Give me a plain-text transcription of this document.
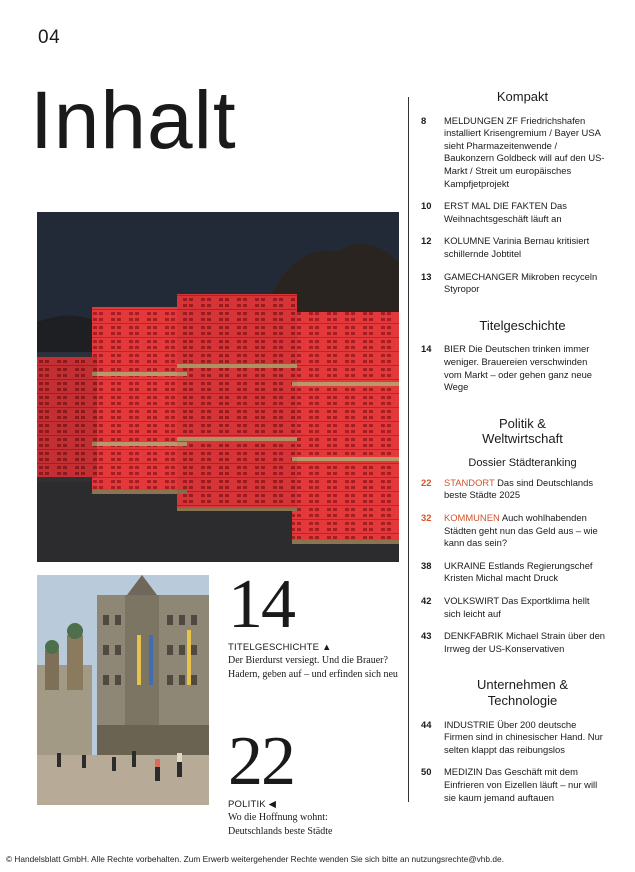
04
Inhalt
14
TITELGESCHICHTE ▲
Der Bierdurst versiegt. Und die Brauer?
Hadern, geben auf – und erfinden sich neu
22
POLITIK ◀
Wo die Hoffnung wohnt:
Deutschlands beste Städte
Kompakt
8	MELDUNGEN ZF Friedrichshafen installiert Krisengremium / Bayer USA sieht Pharmazeitenwende / Baukonzern Goldbeck will auf den US-Markt / Streit um europäisches Kampfjetprojekt
10	ERST MAL DIE FAKTEN Das Weihnachtsgeschäft läuft an
12	KOLUMNE Varinia Bernau kritisiert schillernde Jobtitel
13	GAMECHANGER Mikroben recyceln Styropor
Titelgeschichte
14	BIER Die Deutschen trinken immer weniger. Brauereien verschwinden vom Markt – oder gehen ganz neue Wege
Politik &
Weltwirtschaft
Dossier Städteranking
22	STANDORT Das sind Deutschlands beste Städte 2025
32	KOMMUNEN Auch wohlhabenden Städten geht nun das Geld aus – wie kann das sein?
38	UKRAINE Estlands Regierungschef Kristen Michal macht Druck
42	VOLKSWIRT Das Exportklima hellt sich leicht auf
43	DENKFABRIK Michael Strain über den Irrweg der US-Konservativen
Unternehmen &
Technologie
44	INDUSTRIE Über 200 deutsche Firmen sind in chinesischer Hand. Nur selten klappt das reibungslos
50	MEDIZIN Das Geschäft mit dem Einfrieren von Eizellen läuft – nur will sie kaum jemand auftauen
© Handelsblatt GmbH. Alle Rechte vorbehalten. Zum Erwerb weitergehender Rechte wenden Sie sich bitte an nutzungsrechte@vhb.de.
